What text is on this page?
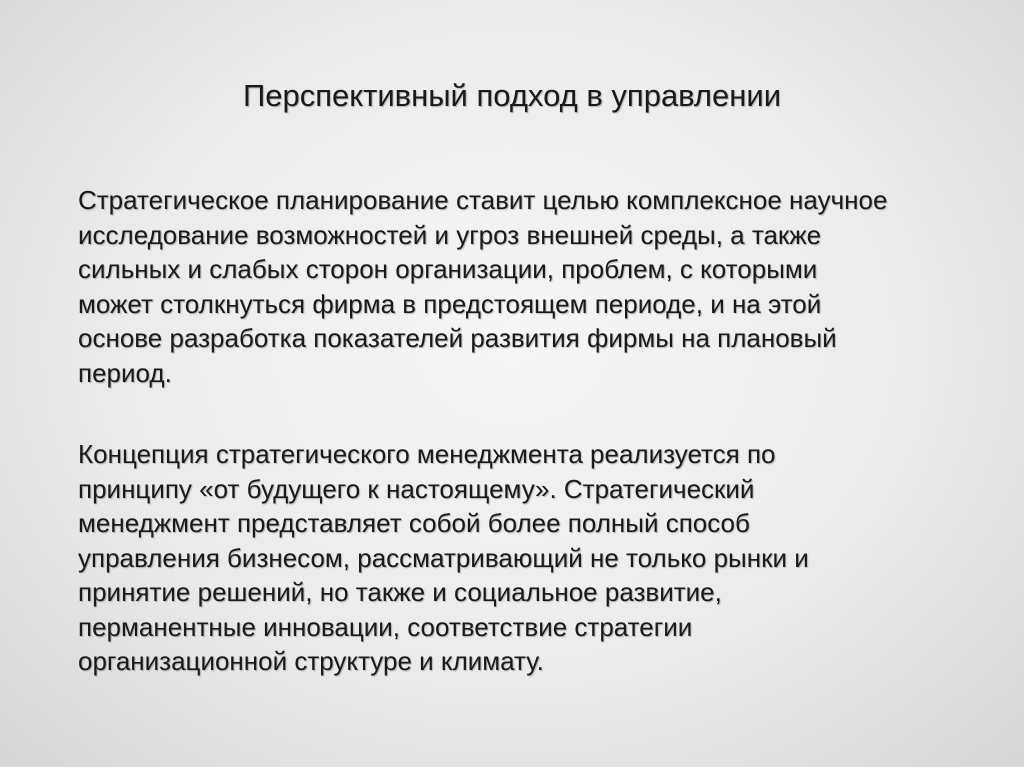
Перспективный подход в управлении

Стратегическое планирование ставит целью комплексное научное
исследование возможностей и угроз внешней среды, а также
сильных и слабых сторон организации, проблем, с которыми
может столкнуться фирма в предстоящем периоде, и на этой
основе разработка показателей развития фирмы на плановый
период.

Концепция стратегического менеджмента реализуется по
принципу «от будущего к настоящему». Стратегический
менеджмент представляет собой более полный способ
управления бизнесом, рассматривающий не только рынки и
принятие решений, но также и социальное развитие,
перманентные инновации, соответствие стратегии
организационной структуре и климату.
